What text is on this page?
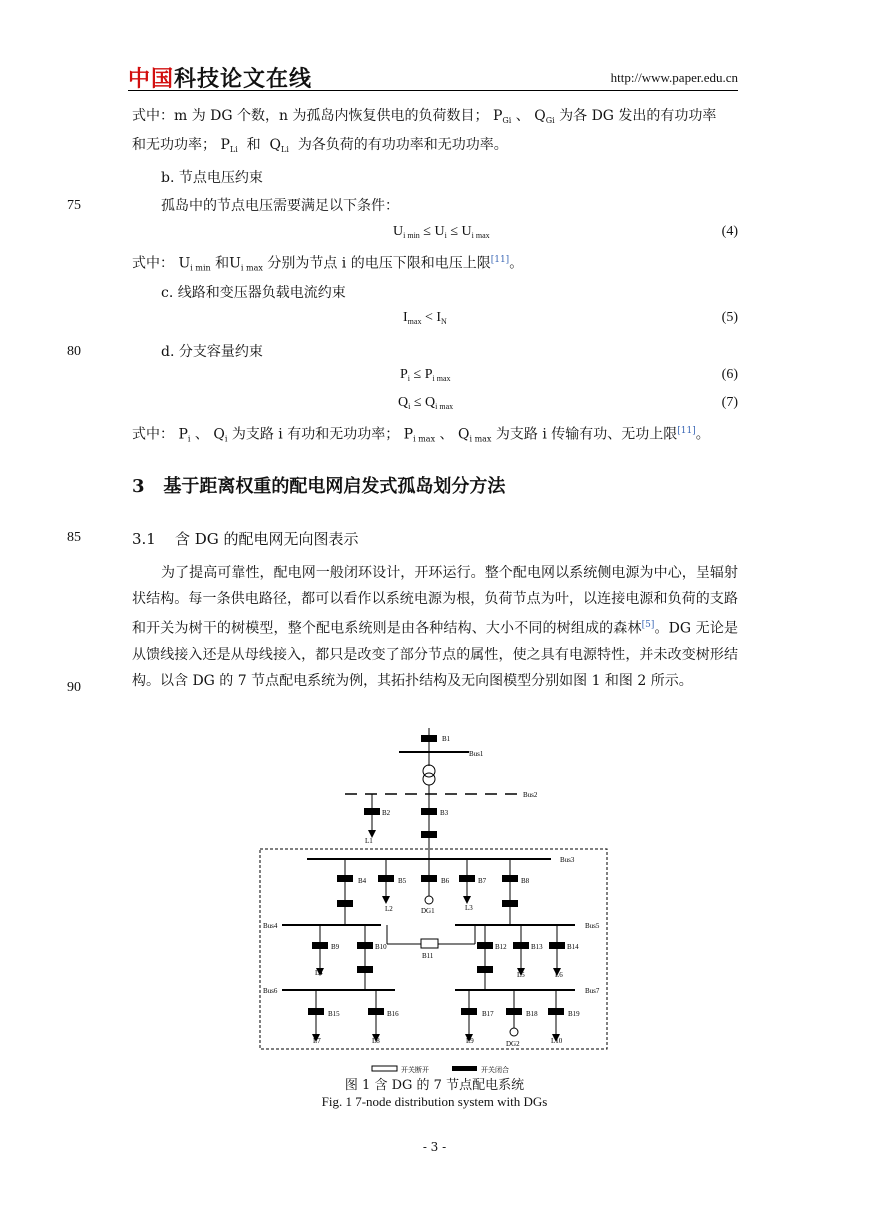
中国科技论文在线	http://www.paper.edu.cn
75
80
85
90
式中：m 为 DG 个数，n 为孤岛内恢复供电的负荷数目； $P_{Gi}$ 、 $Q_{Gi}$ 为各 DG 发出的有功功率
和无功功率； $P_{Li}$  和  $Q_{Li}$ 为各负荷的有功功率和无功功率。
b. 节点电压约束
孤岛中的节点电压需要满足以下条件：
$U_{i min} \le U_i \le U_{i max}$	(4)
式中： $U_{i min}$ 和$U_{i max}$ 分别为节点 i 的电压下限和电压上限[11]。
c. 线路和变压器负载电流约束
$I_{max} < I_N$	(5)
d. 分支容量约束
$P_i \le P_{i max}$	(6)
$Q_i \le Q_{i max}$	(7)
式中： $P_i$ 、 $Q_i$ 为支路 i 有功和无功功率； $P_{i max}$ 、 $Q_{i max}$ 为支路 i 传输有功、无功上限[11]。
3 基于距离权重的配电网启发式孤岛划分方法
3.1 含 DG 的配电网无向图表示
为了提高可靠性，配电网一般闭环设计，开环运行。整个配电网以系统侧电源为中心，呈辐射状结构。每一条供电路径，都可以看作以系统电源为根，负荷节点为叶，以连接电源和负荷的支路和开关为树干的树模型，整个配电系统则是由各种结构、大小不同的树组成的森林[5]。DG 无论是从馈线接入还是从母线接入，都只是改变了部分节点的属性，使之具有电源特性，并未改变树形结构。以含 DG 的 7 节点配电系统为例，其拓扑结构及无向图模型分别如图 1 和图 2 所示。
B1
Bus1
Bus2
B2	B3
L1
Bus3
B4	B5	B6	B7	B8
L2	DG1	L3
Bus4	Bus5
B9	B10
B11
B12	B13	B14
L4	L5	L6
Bus6	Bus7
B15	B16	B17	B18	B19
L7	L8	L9	DG2	L10
开关断开	开关闭合
图 1 含 DG 的 7 节点配电系统
Fig. 1 7-node distribution system with DGs
- 3 -
